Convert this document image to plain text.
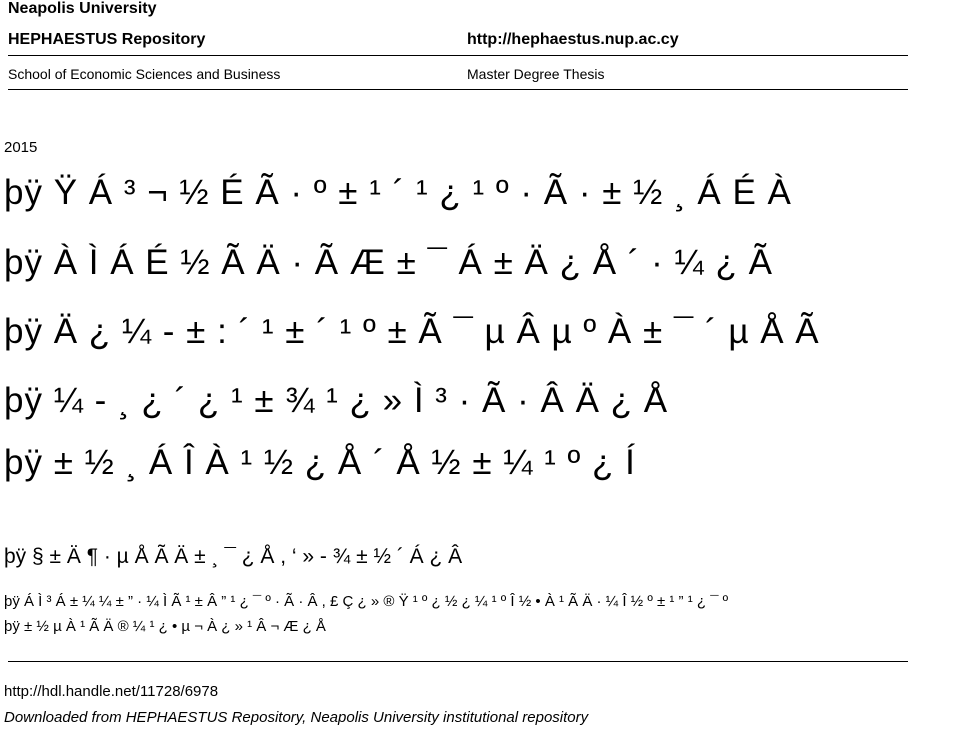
Neapolis University
HEPHAESTUS Repository	http://hephaestus.nup.ac.cy
School of Economic Sciences and Business	Master Degree Thesis
2015
þÿ Ÿ Á ³ ¬ ½ É Ã · º ± ¹ ´ ¹ ¿ ¹ º · Ã · ± ½ ¸ Á É À
þÿ À Ì Á É ½ Ã Ä · Ã Æ ± ¯ Á ± Ä ¿ Å ´ · ¼ ¿ Ã
þÿ Ä ¿ ¼ - ± : ´ ¹ ± ´ ¹ º ± Ã ¯ µ Â µ º À ± ¯ ´ µ Å Ã
þÿ ¼ - ¸ ¿ ´ ¿ ¹ ± ¾ ¹ ¿ » Ì ³ · Ã · Â Ä ¿ Å
þÿ ± ½ ¸ Á Î À ¹ ½ ¿ Å ´ Å ½ ± ¼ ¹ º ¿ Í
þÿ § ± Ä ¶ · µ Å Ã Ä ± ¸ ¯ ¿ Å , ‘ » - ¾ ± ½ ´ Á ¿ Â
þÿ Á Ì ³ Á ± ¼ ¼ ± ” · ¼ Ì Ã ¹ ± Â ” ¹ ¿ ¯ º · Ã · Â , £ Ç ¿ » ® Ÿ ¹ º ¿ ½ ¿ ¼ ¹ º Î ½ • À ¹ Ã Ä · ¼ Î ½ º ± ¹ ” ¹ ¿ ¯ º
þÿ ± ½ µ À ¹ Ã Ä ® ¼ ¹ ¿ • µ ¬ À ¿ » ¹ Â ¬ Æ ¿ Å
http://hdl.handle.net/11728/6978
Downloaded from HEPHAESTUS Repository, Neapolis University institutional repository
